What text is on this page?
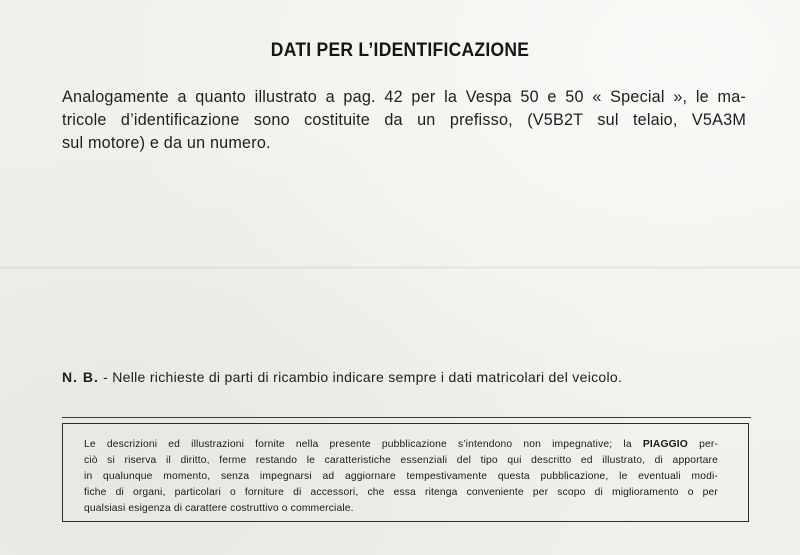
DATI PER L’IDENTIFICAZIONE
Analogamente a quanto illustrato a pag. 42 per la Vespa 50 e 50 « Special », le ma-
tricole d’identificazione sono costituite da un prefisso, (V5B2T sul telaio, V5A3M
sul motore) e da un numero.
N. B. - Nelle richieste di parti di ricambio indicare sempre i dati matricolari del veicolo.
Le descrizioni ed illustrazioni fornite nella presente pubblicazione s’intendono non impegnative; la PIAGGIO per-
ciò si riserva il diritto, ferme restando le caratteristiche essenziali del tipo qui descritto ed illustrato, di apportare
in qualunque momento, senza impegnarsi ad aggiornare tempestivamente questa pubblicazione, le eventuali modi-
fiche di organi, particolari o forniture di accessori, che essa ritenga conveniente per scopo di miglioramento o per
qualsiasi esigenza di carattere costruttivo o commerciale.
